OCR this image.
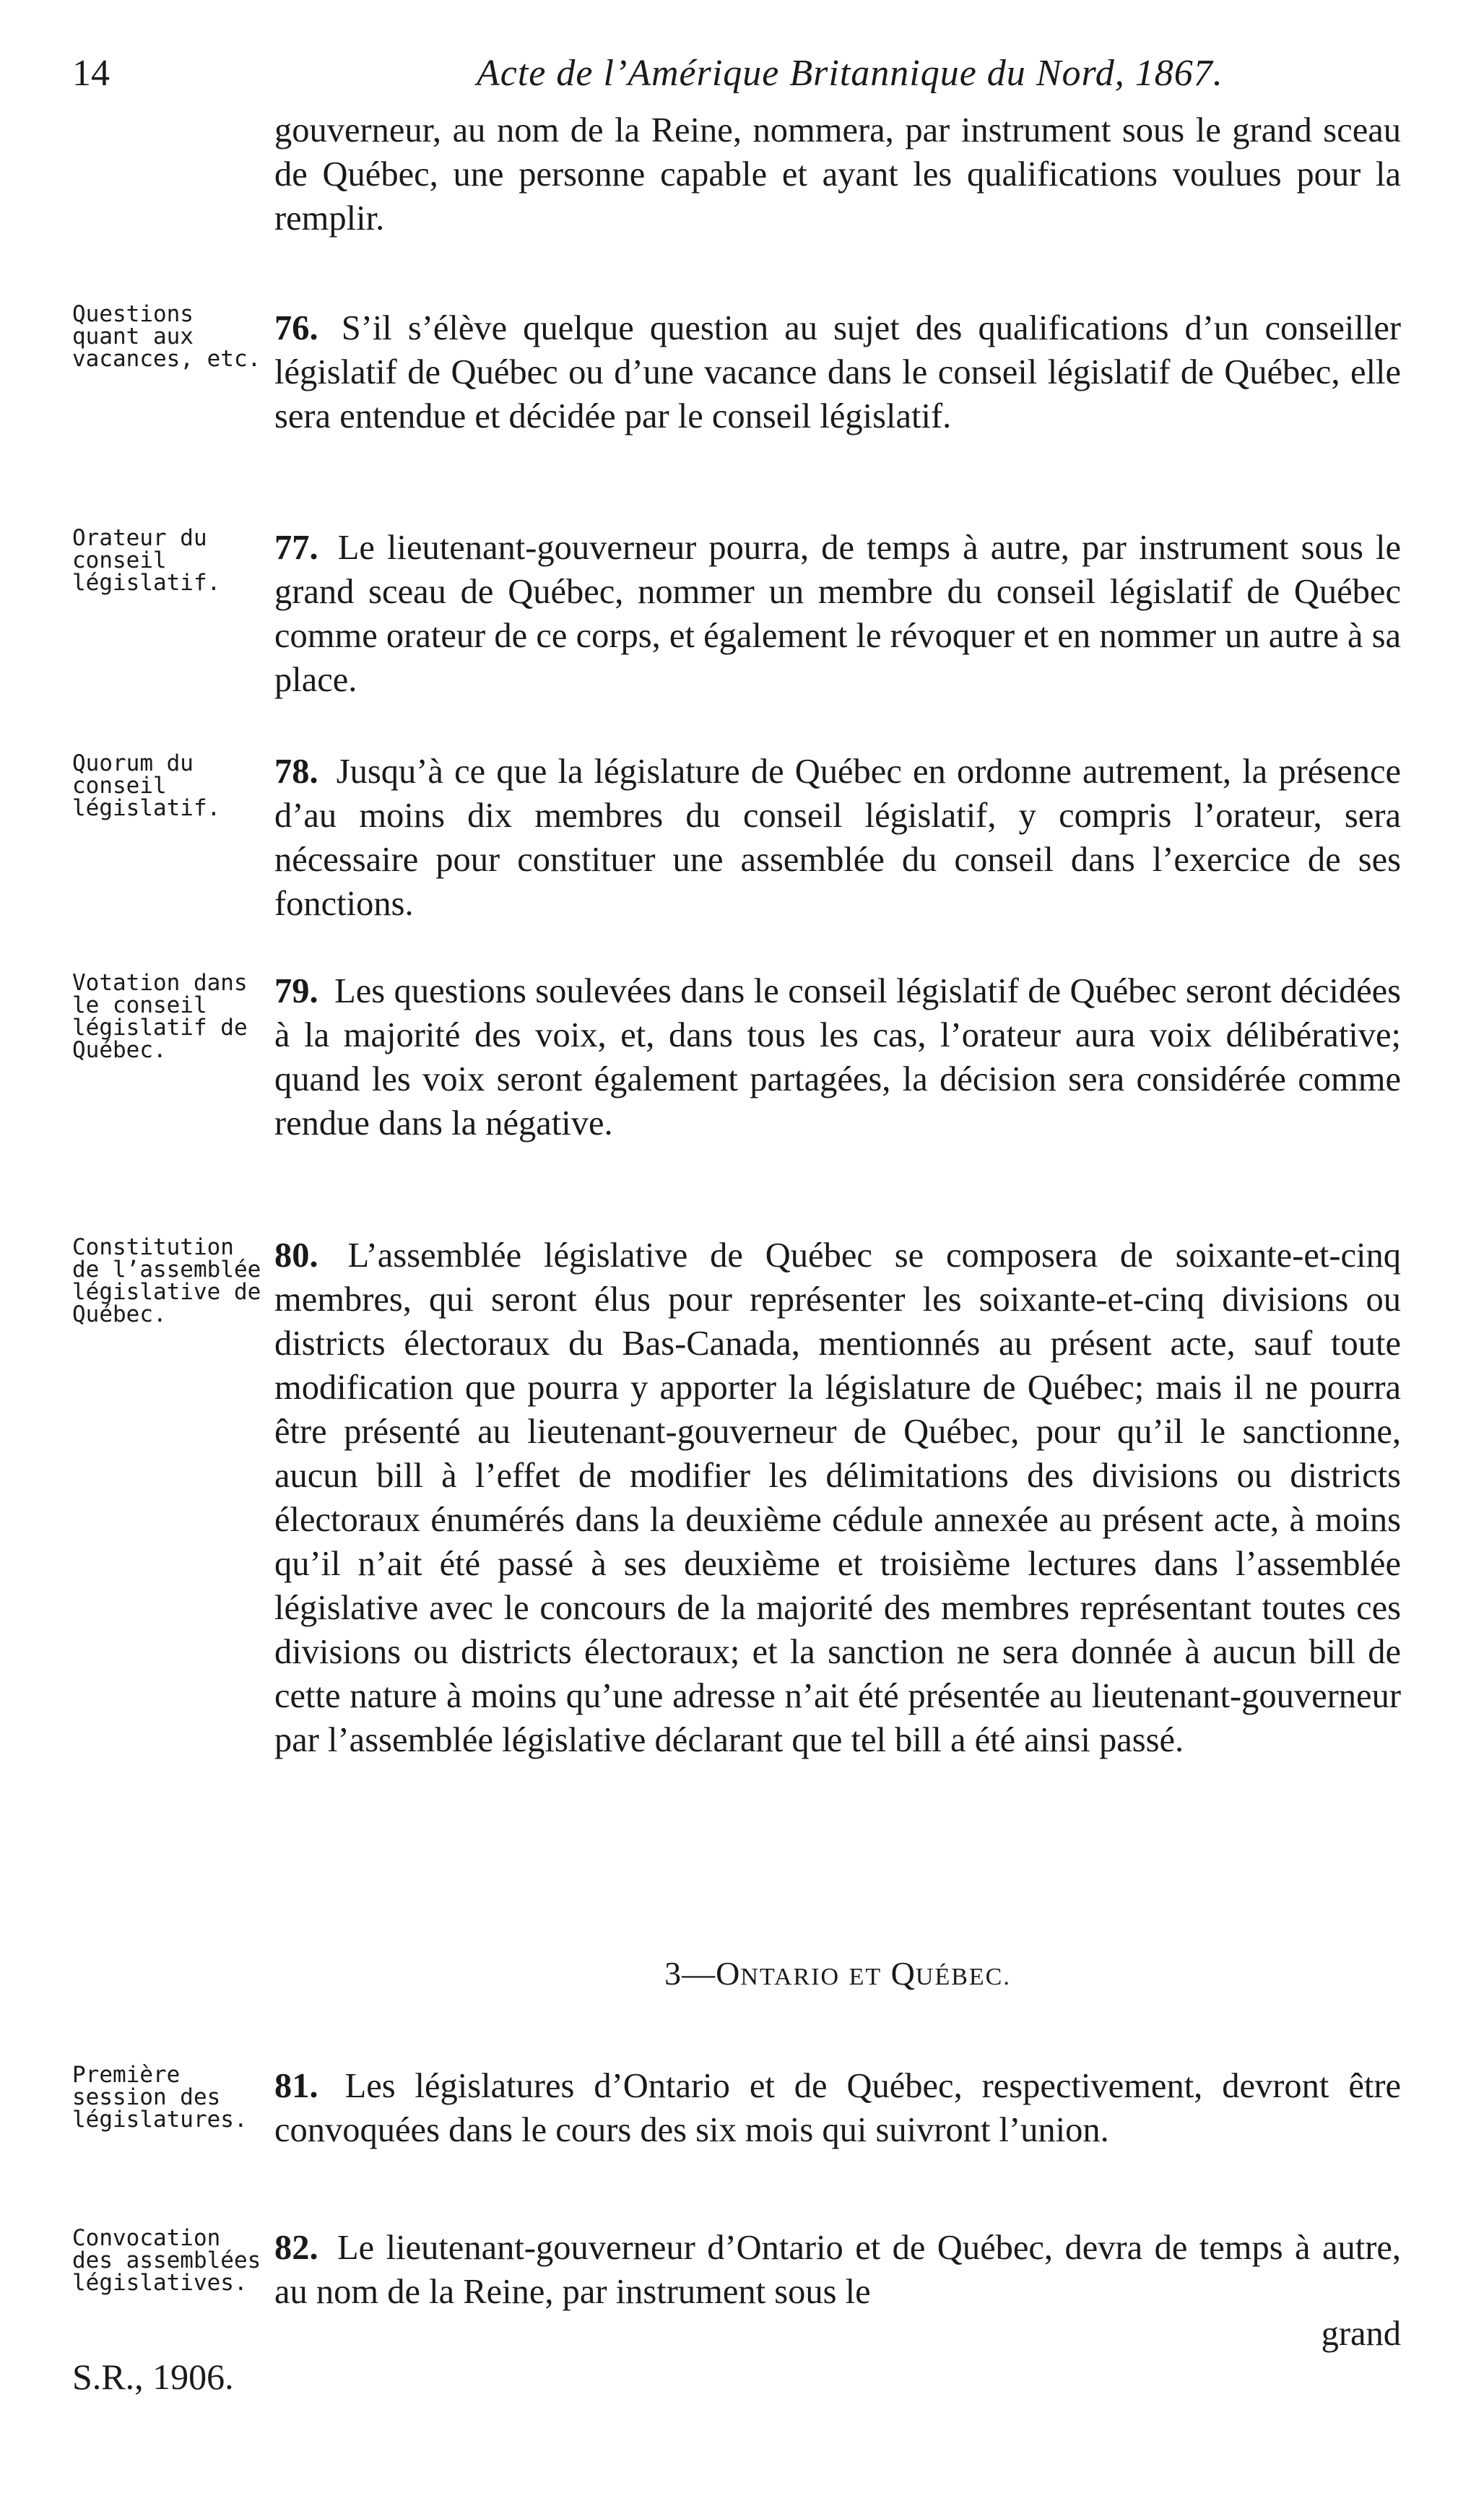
14	Acte de l’Amérique Britannique du Nord, 1867.

gouverneur, au nom de la Reine, nommera, par instrument sous le grand sceau de Québec, une personne capable et ayant les qualifications voulues pour la remplir.

Questions quant aux vacances, etc.

76. S’il s’élève quelque question au sujet des qualifications d’un conseiller législatif de Québec ou d’une vacance dans le conseil législatif de Québec, elle sera entendue et décidée par le conseil législatif.

Orateur du conseil législatif.

77. Le lieutenant-gouverneur pourra, de temps à autre, par instrument sous le grand sceau de Québec, nommer un membre du conseil législatif de Québec comme orateur de ce corps, et également le révoquer et en nommer un autre à sa place.

Quorum du conseil législatif.

78. Jusqu’à ce que la législature de Québec en ordonne autrement, la présence d’au moins dix membres du conseil législatif, y compris l’orateur, sera nécessaire pour constituer une assemblée du conseil dans l’exercice de ses fonctions.

Votation dans le conseil législatif de Québec.

79. Les questions soulevées dans le conseil législatif de Québec seront décidées à la majorité des voix, et, dans tous les cas, l’orateur aura voix délibérative; quand les voix seront également partagées, la décision sera considérée comme rendue dans la négative.

Constitution de l’assemblée législative de Québec.

80. L’assemblée législative de Québec se composera de soixante-et-cinq membres, qui seront élus pour représenter les soixante-et-cinq divisions ou districts électoraux du Bas-Canada, mentionnés au présent acte, sauf toute modification que pourra y apporter la législature de Québec; mais il ne pourra être présenté au lieutenant-gouverneur de Québec, pour qu’il le sanctionne, aucun bill à l’effet de modifier les délimitations des divisions ou districts électoraux énumérés dans la deuxième cédule annexée au présent acte, à moins qu’il n’ait été passé à ses deuxième et troisième lectures dans l’assemblée législative avec le concours de la majorité des membres représentant toutes ces divisions ou districts électoraux; et la sanction ne sera donnée à aucun bill de cette nature à moins qu’une adresse n’ait été présentée au lieutenant-gouverneur par l’assemblée législative déclarant que tel bill a été ainsi passé.

3—ONTARIO ET QUÉBEC.
Première session des législatures.

81. Les législatures d’Ontario et de Québec, respectivement, devront être convoquées dans le cours des six mois qui suivront l’union.

Convocation des assemblées législatives.

82. Le lieutenant-gouverneur d’Ontario et de Québec, devra de temps à autre, au nom de la Reine, par instrument sous le

grand
S.R., 1906.
